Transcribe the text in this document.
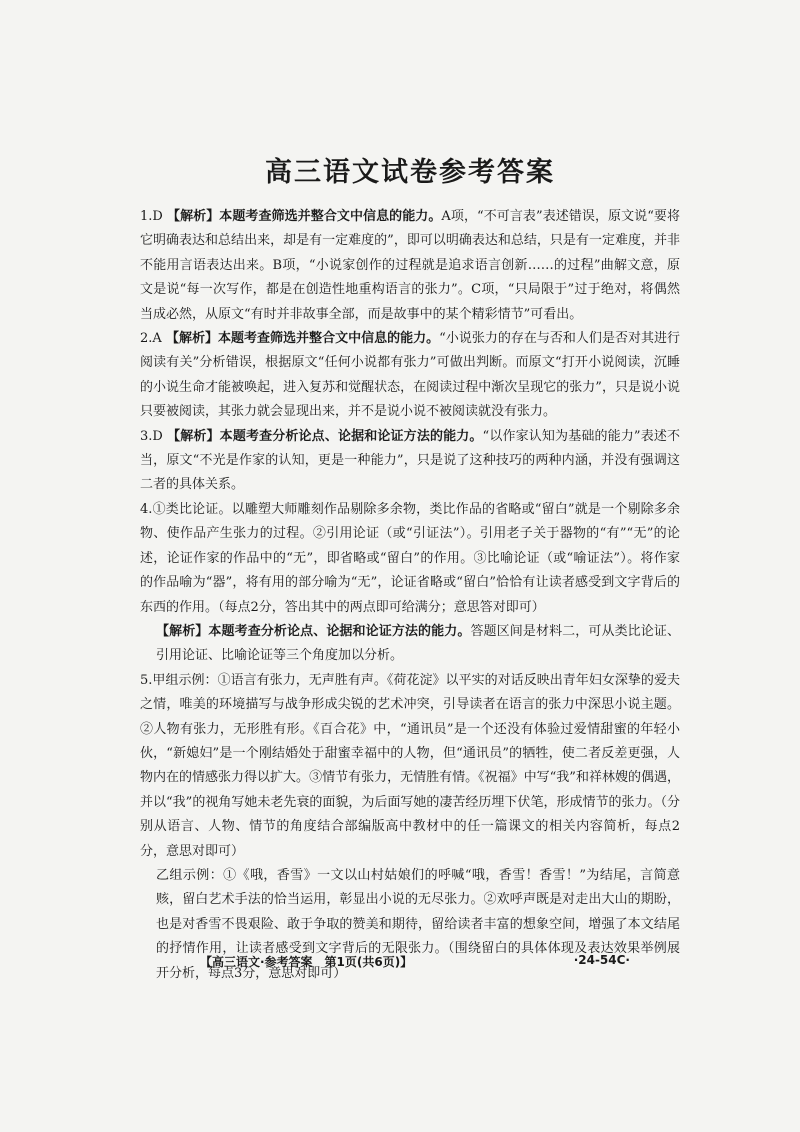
高三语文试卷参考答案

1.D 【解析】本题考查筛选并整合文中信息的能力。A项，“不可言表”表述错误，原文说“要将它明确表达和总结出来，却是有一定难度的”，即可以明确表达和总结，只是有一定难度，并非不能用言语表达出来。B项，“小说家创作的过程就是追求语言创新……的过程”曲解文意，原文是说“每一次写作，都是在创造性地重构语言的张力”。C项，“只局限于”过于绝对，将偶然当成必然，从原文“有时并非故事全部，而是故事中的某个精彩情节”可看出。

2.A 【解析】本题考查筛选并整合文中信息的能力。“小说张力的存在与否和人们是否对其进行阅读有关”分析错误，根据原文“任何小说都有张力”可做出判断。而原文“打开小说阅读，沉睡的小说生命才能被唤起，进入复苏和觉醒状态，在阅读过程中渐次呈现它的张力”，只是说小说只要被阅读，其张力就会显现出来，并不是说小说不被阅读就没有张力。

3.D 【解析】本题考查分析论点、论据和论证方法的能力。“以作家认知为基础的能力”表述不当，原文“不光是作家的认知，更是一种能力”，只是说了这种技巧的两种内涵，并没有强调这二者的具体关系。

4.①类比论证。以雕塑大师雕刻作品剔除多余物，类比作品的省略或“留白”就是一个剔除多余物、使作品产生张力的过程。②引用论证（或“引证法”）。引用老子关于器物的“有”“无”的论述，论证作家的作品中的“无”，即省略或“留白”的作用。③比喻论证（或“喻证法”）。将作家的作品喻为“器”，将有用的部分喻为“无”，论证省略或“留白”恰恰有让读者感受到文字背后的东西的作用。（每点2分，答出其中的两点即可给满分；意思答对即可）

【解析】本题考查分析论点、论据和论证方法的能力。答题区间是材料二，可从类比论证、引用论证、比喻论证等三个角度加以分析。

5.甲组示例：①语言有张力，无声胜有声。《荷花淀》以平实的对话反映出青年妇女深挚的爱夫之情，唯美的环境描写与战争形成尖锐的艺术冲突，引导读者在语言的张力中深思小说主题。②人物有张力，无形胜有形。《百合花》中，“通讯员”是一个还没有体验过爱情甜蜜的年轻小伙，“新媳妇”是一个刚结婚处于甜蜜幸福中的人物，但“通讯员”的牺牲，使二者反差更强，人物内在的情感张力得以扩大。③情节有张力，无情胜有情。《祝福》中写“我”和祥林嫂的偶遇，并以“我”的视角写她未老先衰的面貌，为后面写她的凄苦经历埋下伏笔，形成情节的张力。（分别从语言、人物、情节的角度结合部编版高中教材中的任一篇课文的相关内容简析，每点2分，意思对即可）

乙组示例：①《哦，香雪》一文以山村姑娘们的呼喊“哦，香雪！香雪！”为结尾，言简意赅，留白艺术手法的恰当运用，彰显出小说的无尽张力。②欢呼声既是对走出大山的期盼，也是对香雪不畏艰险、敢于争取的赞美和期待，留给读者丰富的想象空间，增强了本文结尾的抒情作用，让读者感受到文字背后的无限张力。（围绕留白的具体体现及表达效果举例展开分析，每点3分，意思对即可）

【高三语文·参考答案　第1页(共6页)】	·24-54C·
